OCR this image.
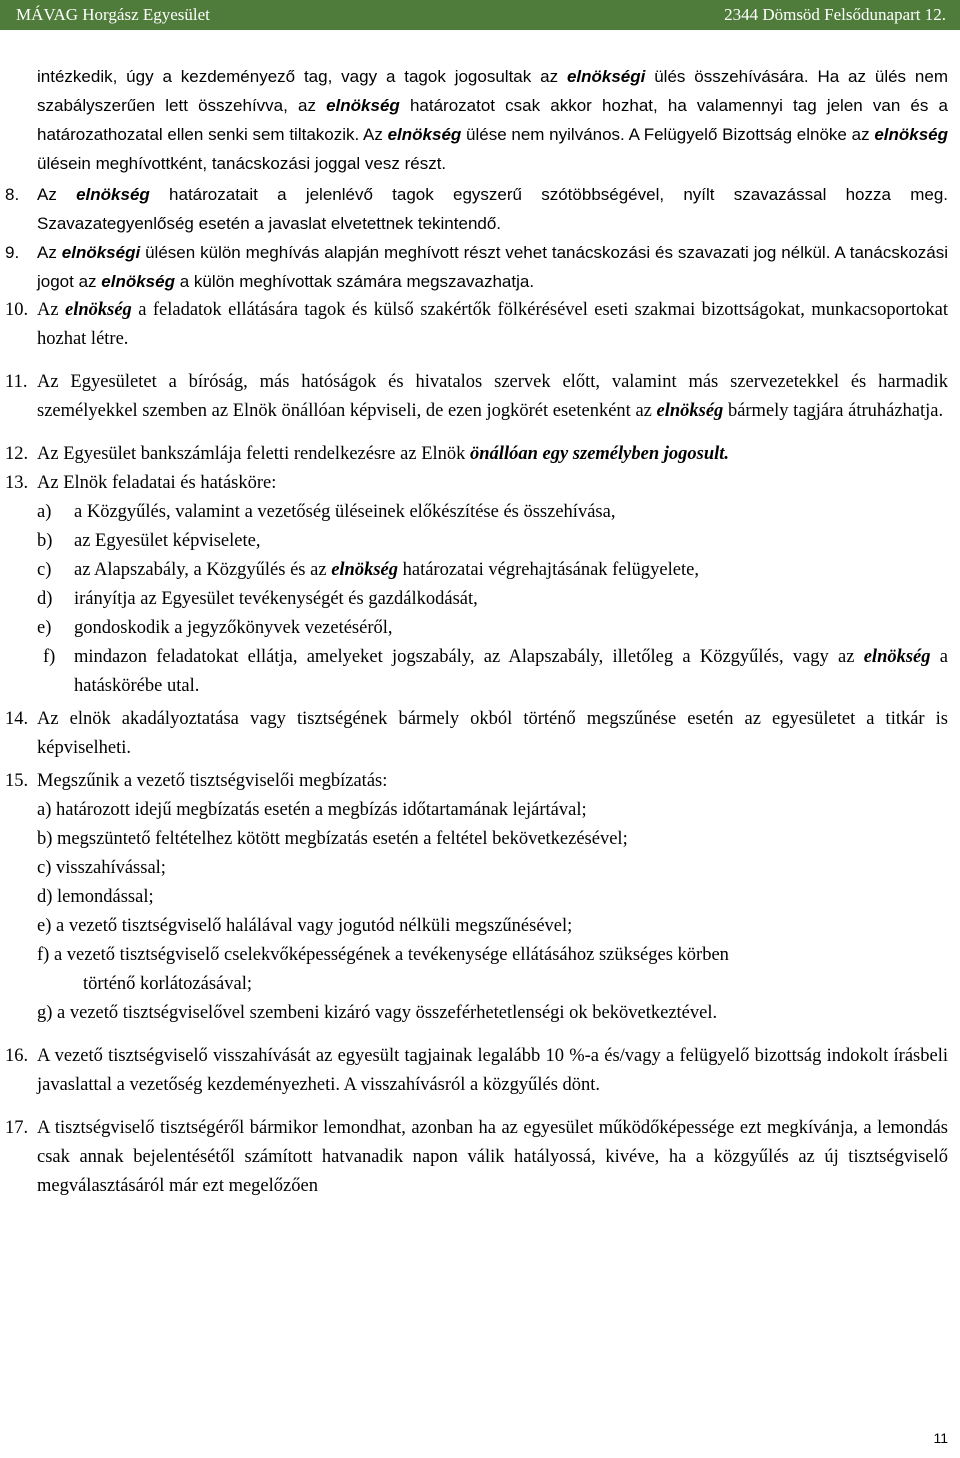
MÁVAG Horgász Egyesület	2344 Dömsöd Felsődunapart 12.

intézkedik, úgy a kezdeményező tag, vagy a tagok jogosultak az elnökségi ülés összehívására. Ha az ülés nem szabályszerűen lett összehívva, az elnökség határozatot csak akkor hozhat, ha valamennyi tag jelen van és a határozathozatal ellen senki sem tiltakozik. Az elnökség ülése nem nyilvános. A Felügyelő Bizottság elnöke az elnökség ülésein meghívottként, tanácskozási joggal vesz részt.

8. Az elnökség határozatait a jelenlévő tagok egyszerű szótöbbségével, nyílt szavazással hozza meg. Szavazategyenlőség esetén a javaslat elvetettnek tekintendő.

9. Az elnökségi ülésen külön meghívás alapján meghívott részt vehet tanácskozási és szavazati jog nélkül. A tanácskozási jogot az elnökség a külön meghívottak számára megszavazhatja.

10. Az elnökség a feladatok ellátására tagok és külső szakértők fölkérésével eseti szakmai bizottságokat, munkacsoportokat hozhat létre.

11. Az Egyesületet a bíróság, más hatóságok és hivatalos szervek előtt, valamint más szervezetekkel és harmadik személyekkel szemben az Elnök önállóan képviseli, de ezen jogkörét esetenként az elnökség bármely tagjára átruházhatja.

12. Az Egyesület bankszámlája feletti rendelkezésre az Elnök önállóan egy személyben jogosult.

13. Az Elnök feladatai és hatásköre:

a) a Közgyűlés, valamint a vezetőség üléseinek előkészítése és összehívása,

b) az Egyesület képviselete,

c) az Alapszabály, a Közgyűlés és az elnökség határozatai végrehajtásának felügyelete,

d) irányítja az Egyesület tevékenységét és gazdálkodását,

e) gondoskodik a jegyzőkönyvek vezetéséről,

f) mindazon feladatokat ellátja, amelyeket jogszabály, az Alapszabály, illetőleg a Közgyűlés, vagy az elnökség a hatáskörébe utal.

14. Az elnök akadályoztatása vagy tisztségének bármely okból történő megszűnése esetén az egyesületet a titkár is képviselheti.

15. Megszűnik a vezető tisztségviselői megbízatás:

a) határozott idejű megbízatás esetén a megbízás időtartamának lejártával;

b) megszüntető feltételhez kötött megbízatás esetén a feltétel bekövetkezésével;

c) visszahívással;

d) lemondással;

e) a vezető tisztségviselő halálával vagy jogutód nélküli megszűnésével;

f) a vezető tisztségviselő cselekvőképességének a tevékenysége ellátásához szükséges körben

történő korlátozásával;

g) a vezető tisztségviselővel szembeni kizáró vagy összeférhetetlenségi ok bekövetkeztével.

16. A vezető tisztségviselő visszahívását az egyesült tagjainak legalább 10 %-a és/vagy a felügyelő bizottság indokolt írásbeli javaslattal a vezetőség kezdeményezheti. A visszahívásról a közgyűlés dönt.

17. A tisztségviselő tisztségéről bármikor lemondhat, azonban ha az egyesület működőképessége ezt megkívánja, a lemondás csak annak bejelentésétől számított hatvanadik napon válik hatályossá, kivéve, ha a közgyűlés az új tisztségviselő megválasztásáról már ezt megelőzően

11
